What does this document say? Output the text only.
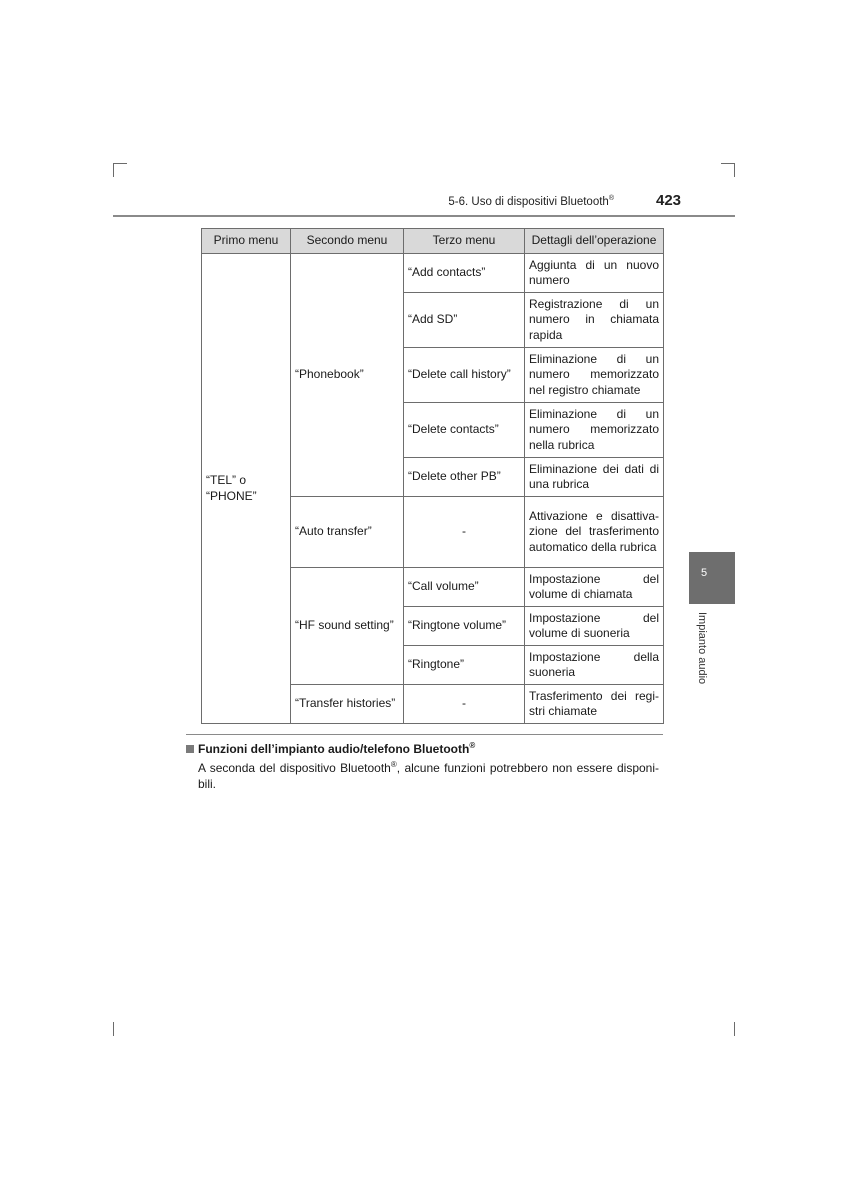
5-6. Uso di dispositivi Bluetooth®	423
Primo menu	Secondo menu	Terzo menu	Dettagli dell’operazione
“TEL” o “PHONE”	“Phonebook”	“Add contacts”	Aggiunta di un nuovo numero
		“Add SD”	Registrazione di un numero in chiamata rapida
		“Delete call history”	Eliminazione di un numero memorizzato nel registro chiamate
		“Delete contacts”	Eliminazione di un numero memorizzato nella rubrica
		“Delete other PB”	Eliminazione dei dati di una rubrica
	“Auto transfer”	-	Attivazione e disattiva-zione del trasferimento automatico della rubrica
	“HF sound setting”	“Call volume”	Impostazione del volume di chiamata
		“Ringtone volume”	Impostazione del volume di suoneria
		“Ringtone”	Impostazione della suoneria
	“Transfer histories”	-	Trasferimento dei regi-stri chiamate
Funzioni dell’impianto audio/telefono Bluetooth®
A seconda del dispositivo Bluetooth®, alcune funzioni potrebbero non essere disponi-bili.
5
Impianto audio
